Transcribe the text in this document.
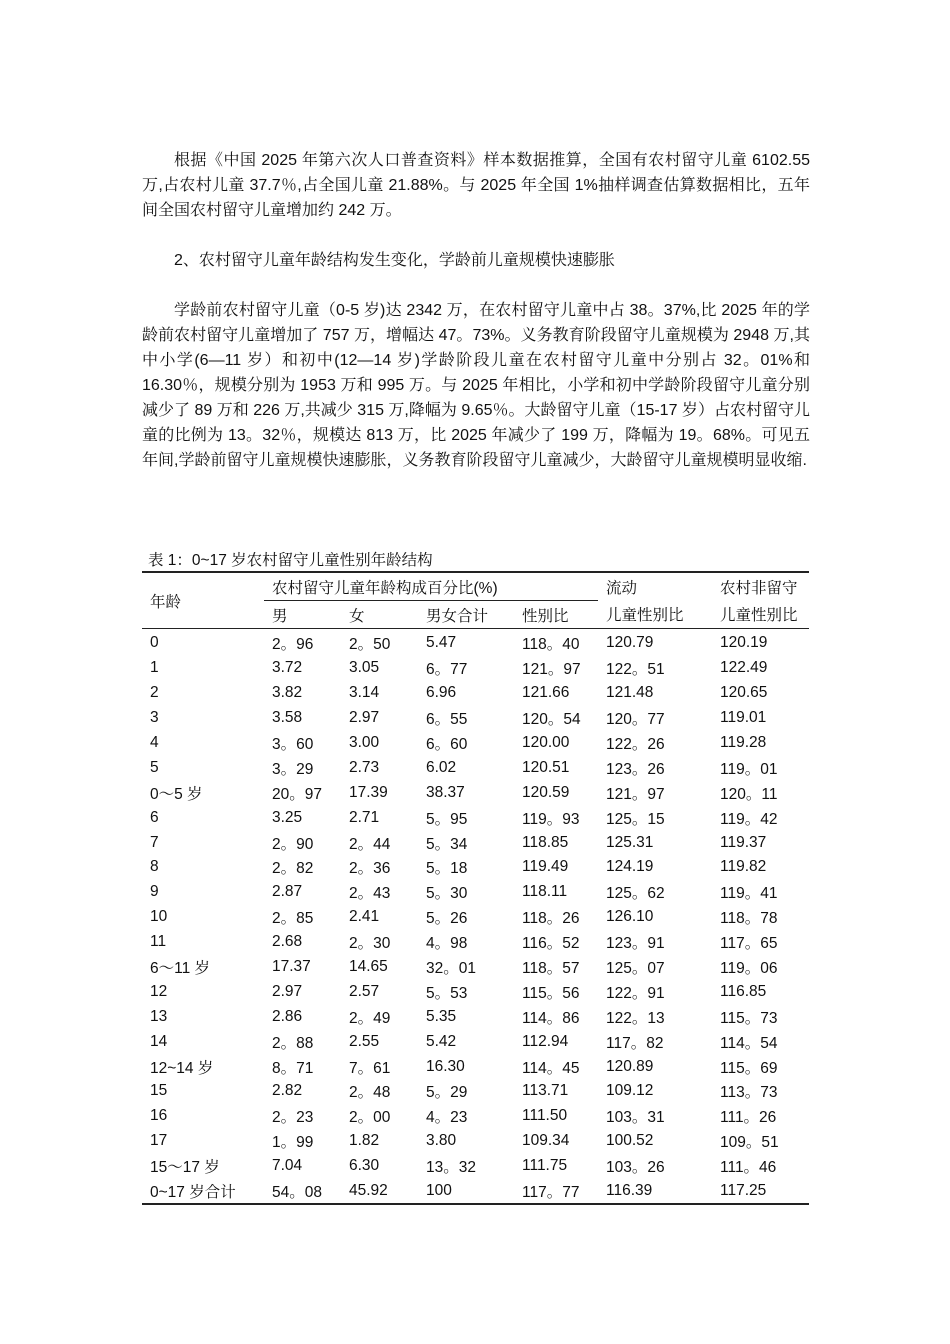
根据《中国 2025 年第六次人口普查资料》样本数据推算，全国有农村留守儿童 6102.55 万,占农村儿童 37.7％,占全国儿童 21.88%。与 2025 年全国 1%抽样调查估算数据相比，五年间全国农村留守儿童增加约 242 万。

2、农村留守儿童年龄结构发生变化，学龄前儿童规模快速膨胀

学龄前农村留守儿童（0-5 岁)达 2342 万，在农村留守儿童中占 38。37%,比 2025 年的学龄前农村留守儿童增加了 757 万，增幅达 47。73%。义务教育阶段留守儿童规模为 2948 万,其中小学(6—11 岁）和初中(12—14 岁)学龄阶段儿童在农村留守儿童中分别占 32。01%和 16.30％，规模分别为 1953 万和 995 万。与 2025 年相比，小学和初中学龄阶段留守儿童分别减少了 89 万和 226 万,共减少 315 万,降幅为 9.65％。大龄留守儿童（15-17 岁）占农村留守儿童的比例为 13。32％，规模达 813 万，比 2025 年减少了 199 万，降幅为 19。68%。可见五年间,学龄前留守儿童规模快速膨胀，义务教育阶段留守儿童减少，大龄留守儿童规模明显收缩.

表 1：0~17 岁农村留守儿童性别年龄结构
年龄	农村留守儿童年龄构成百分比(%)				流动	农村非留守
	男	女	男女合计	性别比	儿童性别比	儿童性别比
0	2。96	2。50	5.47	118。40	120.79	120.19
1	3.72	3.05	6。77	121。97	122。51	122.49
2	3.82	3.14	6.96	121.66	121.48	120.65
3	3.58	2.97	6。55	120。54	120。77	119.01
4	3。60	3.00	6。60	120.00	122。26	119.28
5	3。29	2.73	6.02	120.51	123。26	119。01
0～5 岁	20。97	17.39	38.37	120.59	121。97	120。11
6	3.25	2.71	5。95	119。93	125。15	119。42
7	2。90	2。44	5。34	118.85	125.31	119.37
8	2。82	2。36	5。18	119.49	124.19	119.82
9	2.87	2。43	5。30	118.11	125。62	119。41
10	2。85	2.41	5。26	118。26	126.10	118。78
11	2.68	2。30	4。98	116。52	123。91	117。65
6～11 岁	17.37	14.65	32。01	118。57	125。07	119。06
12	2.97	2.57	5。53	115。56	122。91	116.85
13	2.86	2。49	5.35	114。86	122。13	115。73
14	2。88	2.55	5.42	112.94	117。82	114。54
12~14 岁	8。71	7。61	16.30	114。45	120.89	115。69
15	2.82	2。48	5。29	113.71	109.12	113。73
16	2。23	2。00	4。23	111.50	103。31	111。26
17	1。99	1.82	3.80	109.34	100.52	109。51
15～17 岁	7.04	6.30	13。32	111.75	103。26	111。46
0~17 岁合计	54。08	45.92	100	117。77	116.39	117.25
